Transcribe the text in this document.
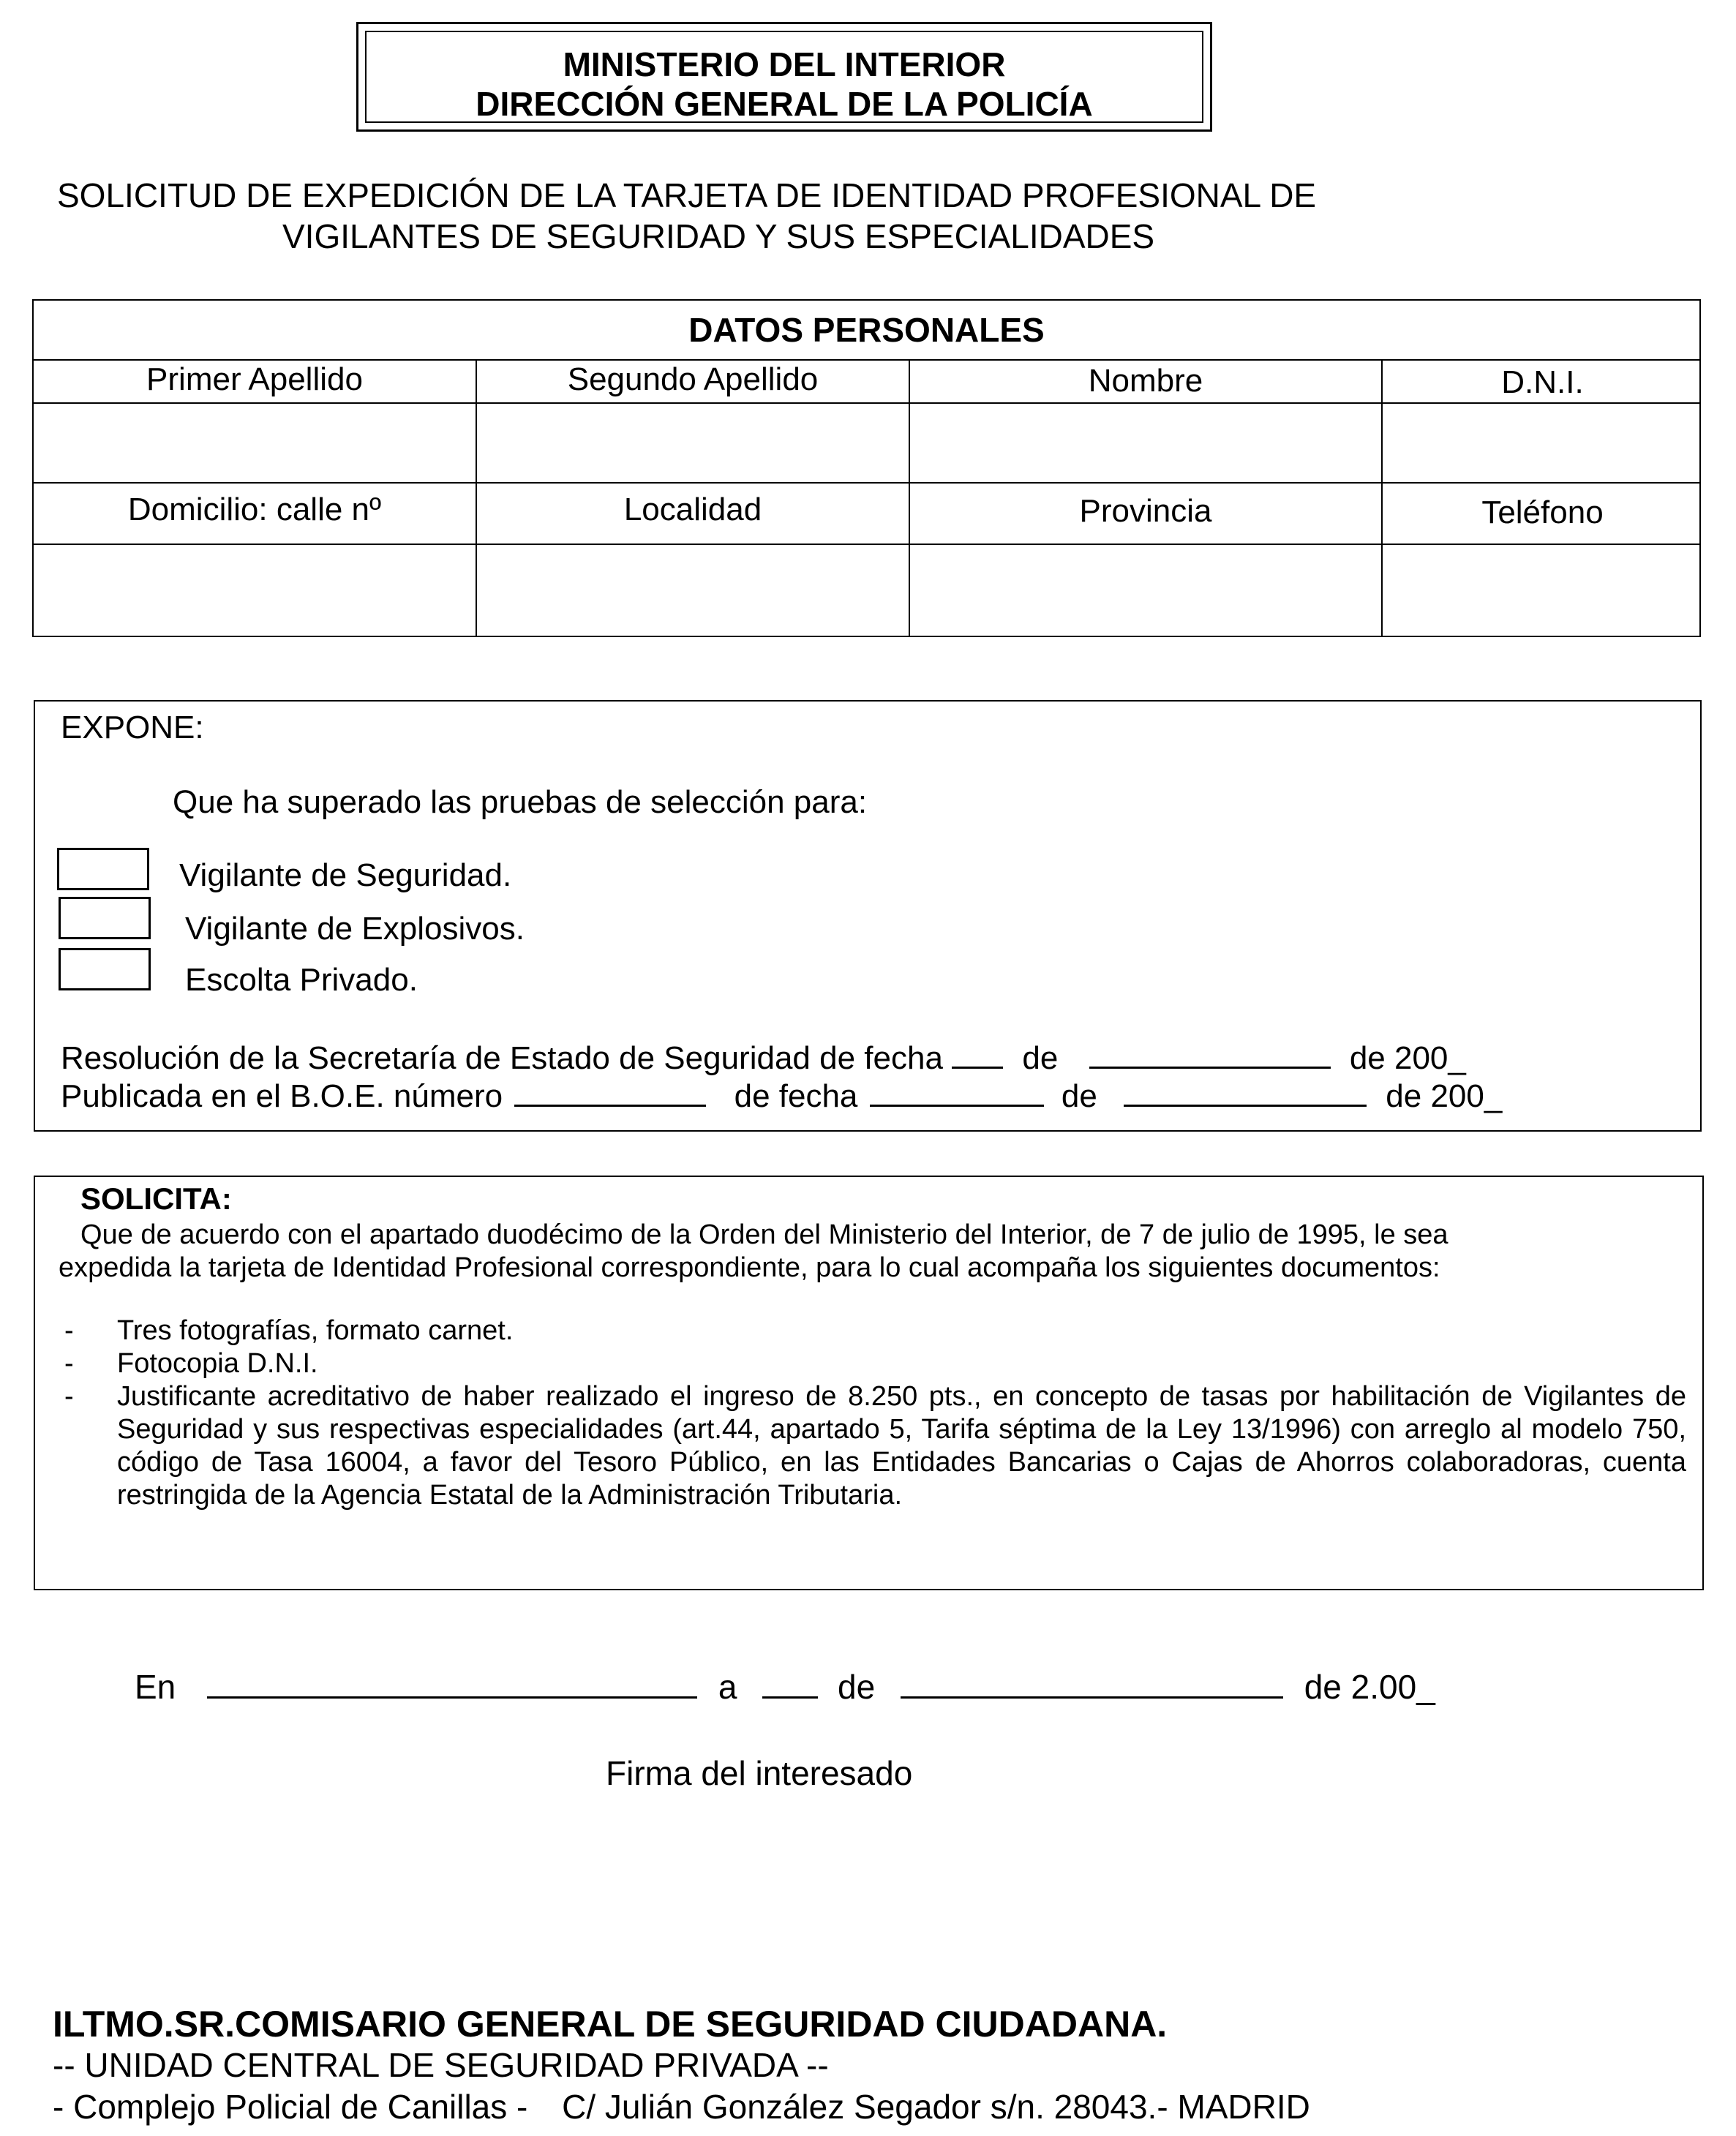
MINISTERIO DEL INTERIOR
DIRECCIÓN GENERAL DE LA POLICÍA
SOLICITUD DE EXPEDICIÓN DE LA TARJETA DE IDENTIDAD PROFESIONAL DE
VIGILANTES DE SEGURIDAD Y SUS ESPECIALIDADES
DATOS PERSONALES
Primer Apellido	Segundo Apellido	Nombre	D.N.I.
Domicilio: calle nº	Localidad	Provincia	Teléfono
EXPONE:
Que ha superado las pruebas de selección para:
Vigilante de Seguridad.
Vigilante de Explosivos.
Escolta Privado.
Resolución de la Secretaría de Estado de Seguridad de fecha de	de 200_
Publicada en el B.O.E. número	de fecha	de	de 200_
SOLICITA:
Que de acuerdo con el apartado duodécimo de la Orden del Ministerio del Interior, de 7 de julio de 1995, le sea
expedida la tarjeta de Identidad Profesional correspondiente, para lo cual acompaña los siguientes documentos:
- Tres fotografías, formato carnet.
- Fotocopia D.N.I.
- Justificante acreditativo de haber realizado el ingreso de 8.250 pts., en concepto de tasas por habilitación de Vigilantes de Seguridad y sus respectivas especialidades (art.44, apartado 5, Tarifa séptima de la Ley 13/1996) con arreglo al modelo 750, código de Tasa 16004, a favor del Tesoro Público, en las Entidades Bancarias o Cajas de Ahorros colaboradoras, cuenta restringida de la Agencia Estatal de la Administración Tributaria.
En	a	de	de 2.00_
Firma del interesado
ILTMO.SR.COMISARIO GENERAL DE SEGURIDAD CIUDADANA.
-- UNIDAD CENTRAL DE SEGURIDAD PRIVADA --
- Complejo Policial de Canillas - C/ Julián González Segador s/n. 28043.- MADRID
